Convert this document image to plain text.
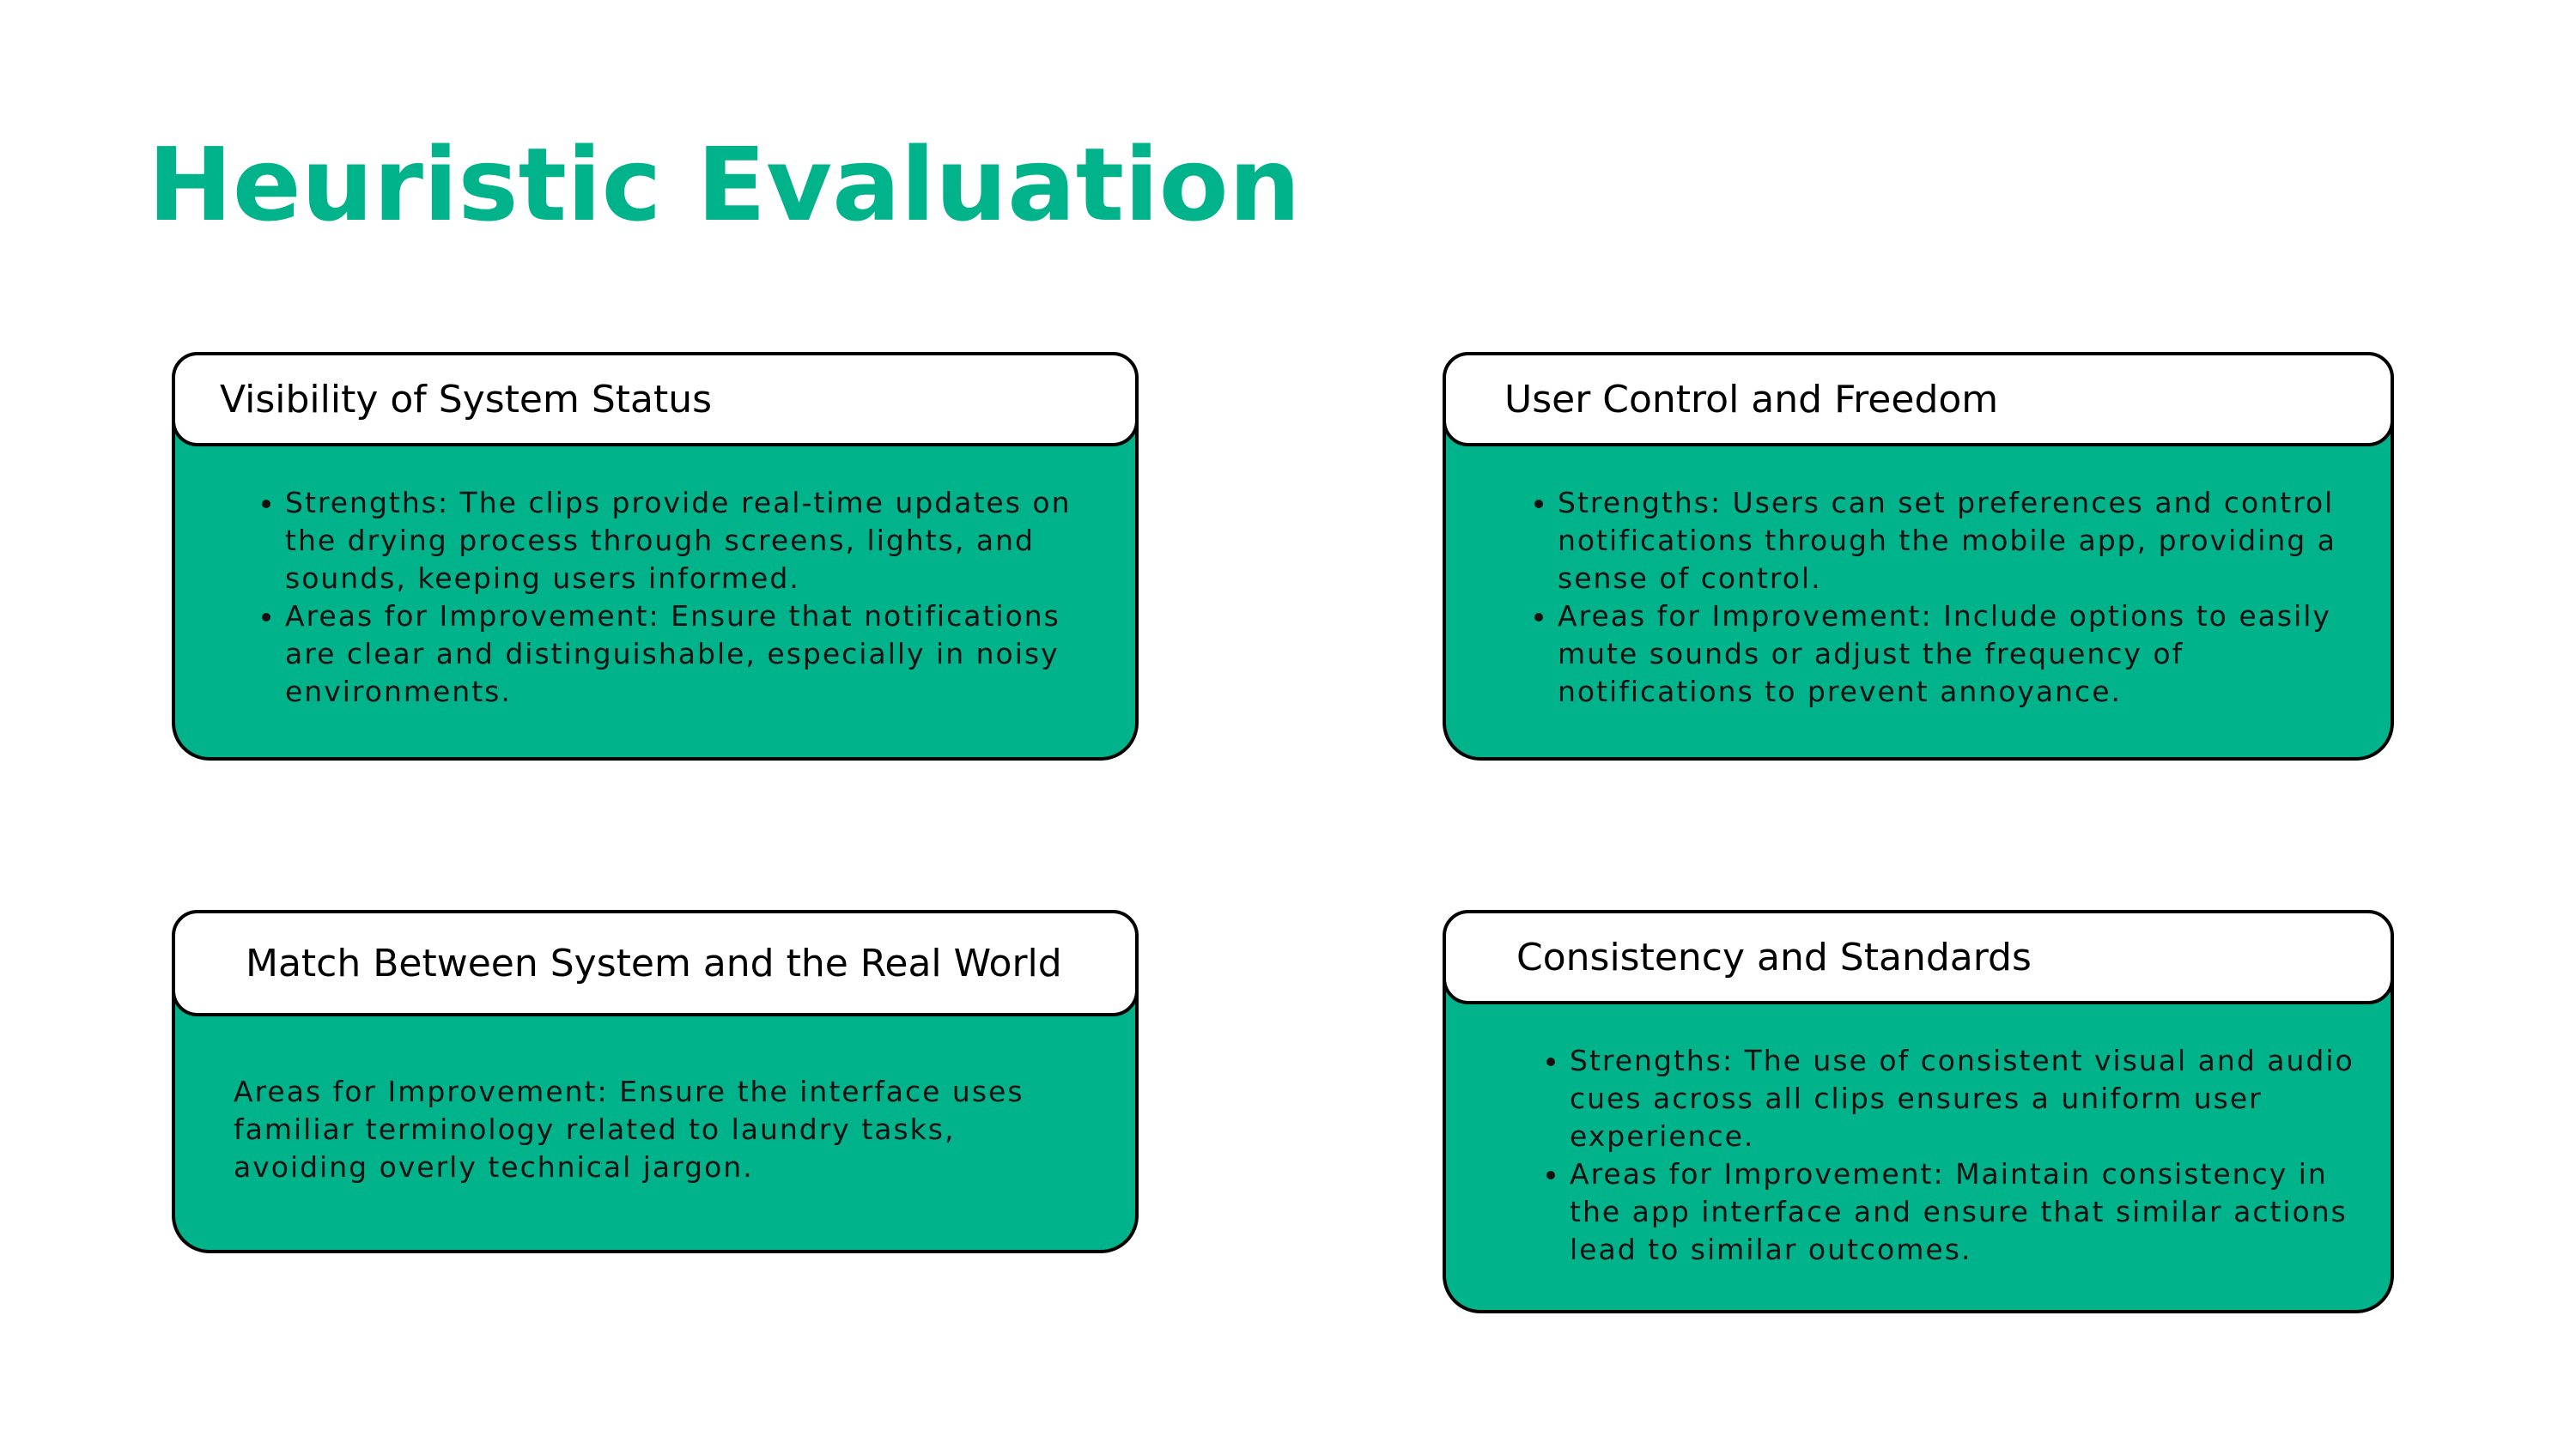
Heuristic Evaluation
Visibility of System Status
• Strengths: The clips provide real-time updates on the drying process through screens, lights, and sounds, keeping users informed.
• Areas for Improvement: Ensure that notifications are clear and distinguishable, especially in noisy environments.
User Control and Freedom
• Strengths: Users can set preferences and control notifications through the mobile app, providing a sense of control.
• Areas for Improvement: Include options to easily mute sounds or adjust the frequency of notifications to prevent annoyance.
Match Between System and the Real World

Areas for Improvement: Ensure the interface uses familiar terminology related to laundry tasks, avoiding overly technical jargon.

Consistency and Standards
• Strengths: The use of consistent visual and audio cues across all clips ensures a uniform user experience.
• Areas for Improvement: Maintain consistency in the app interface and ensure that similar actions lead to similar outcomes.
